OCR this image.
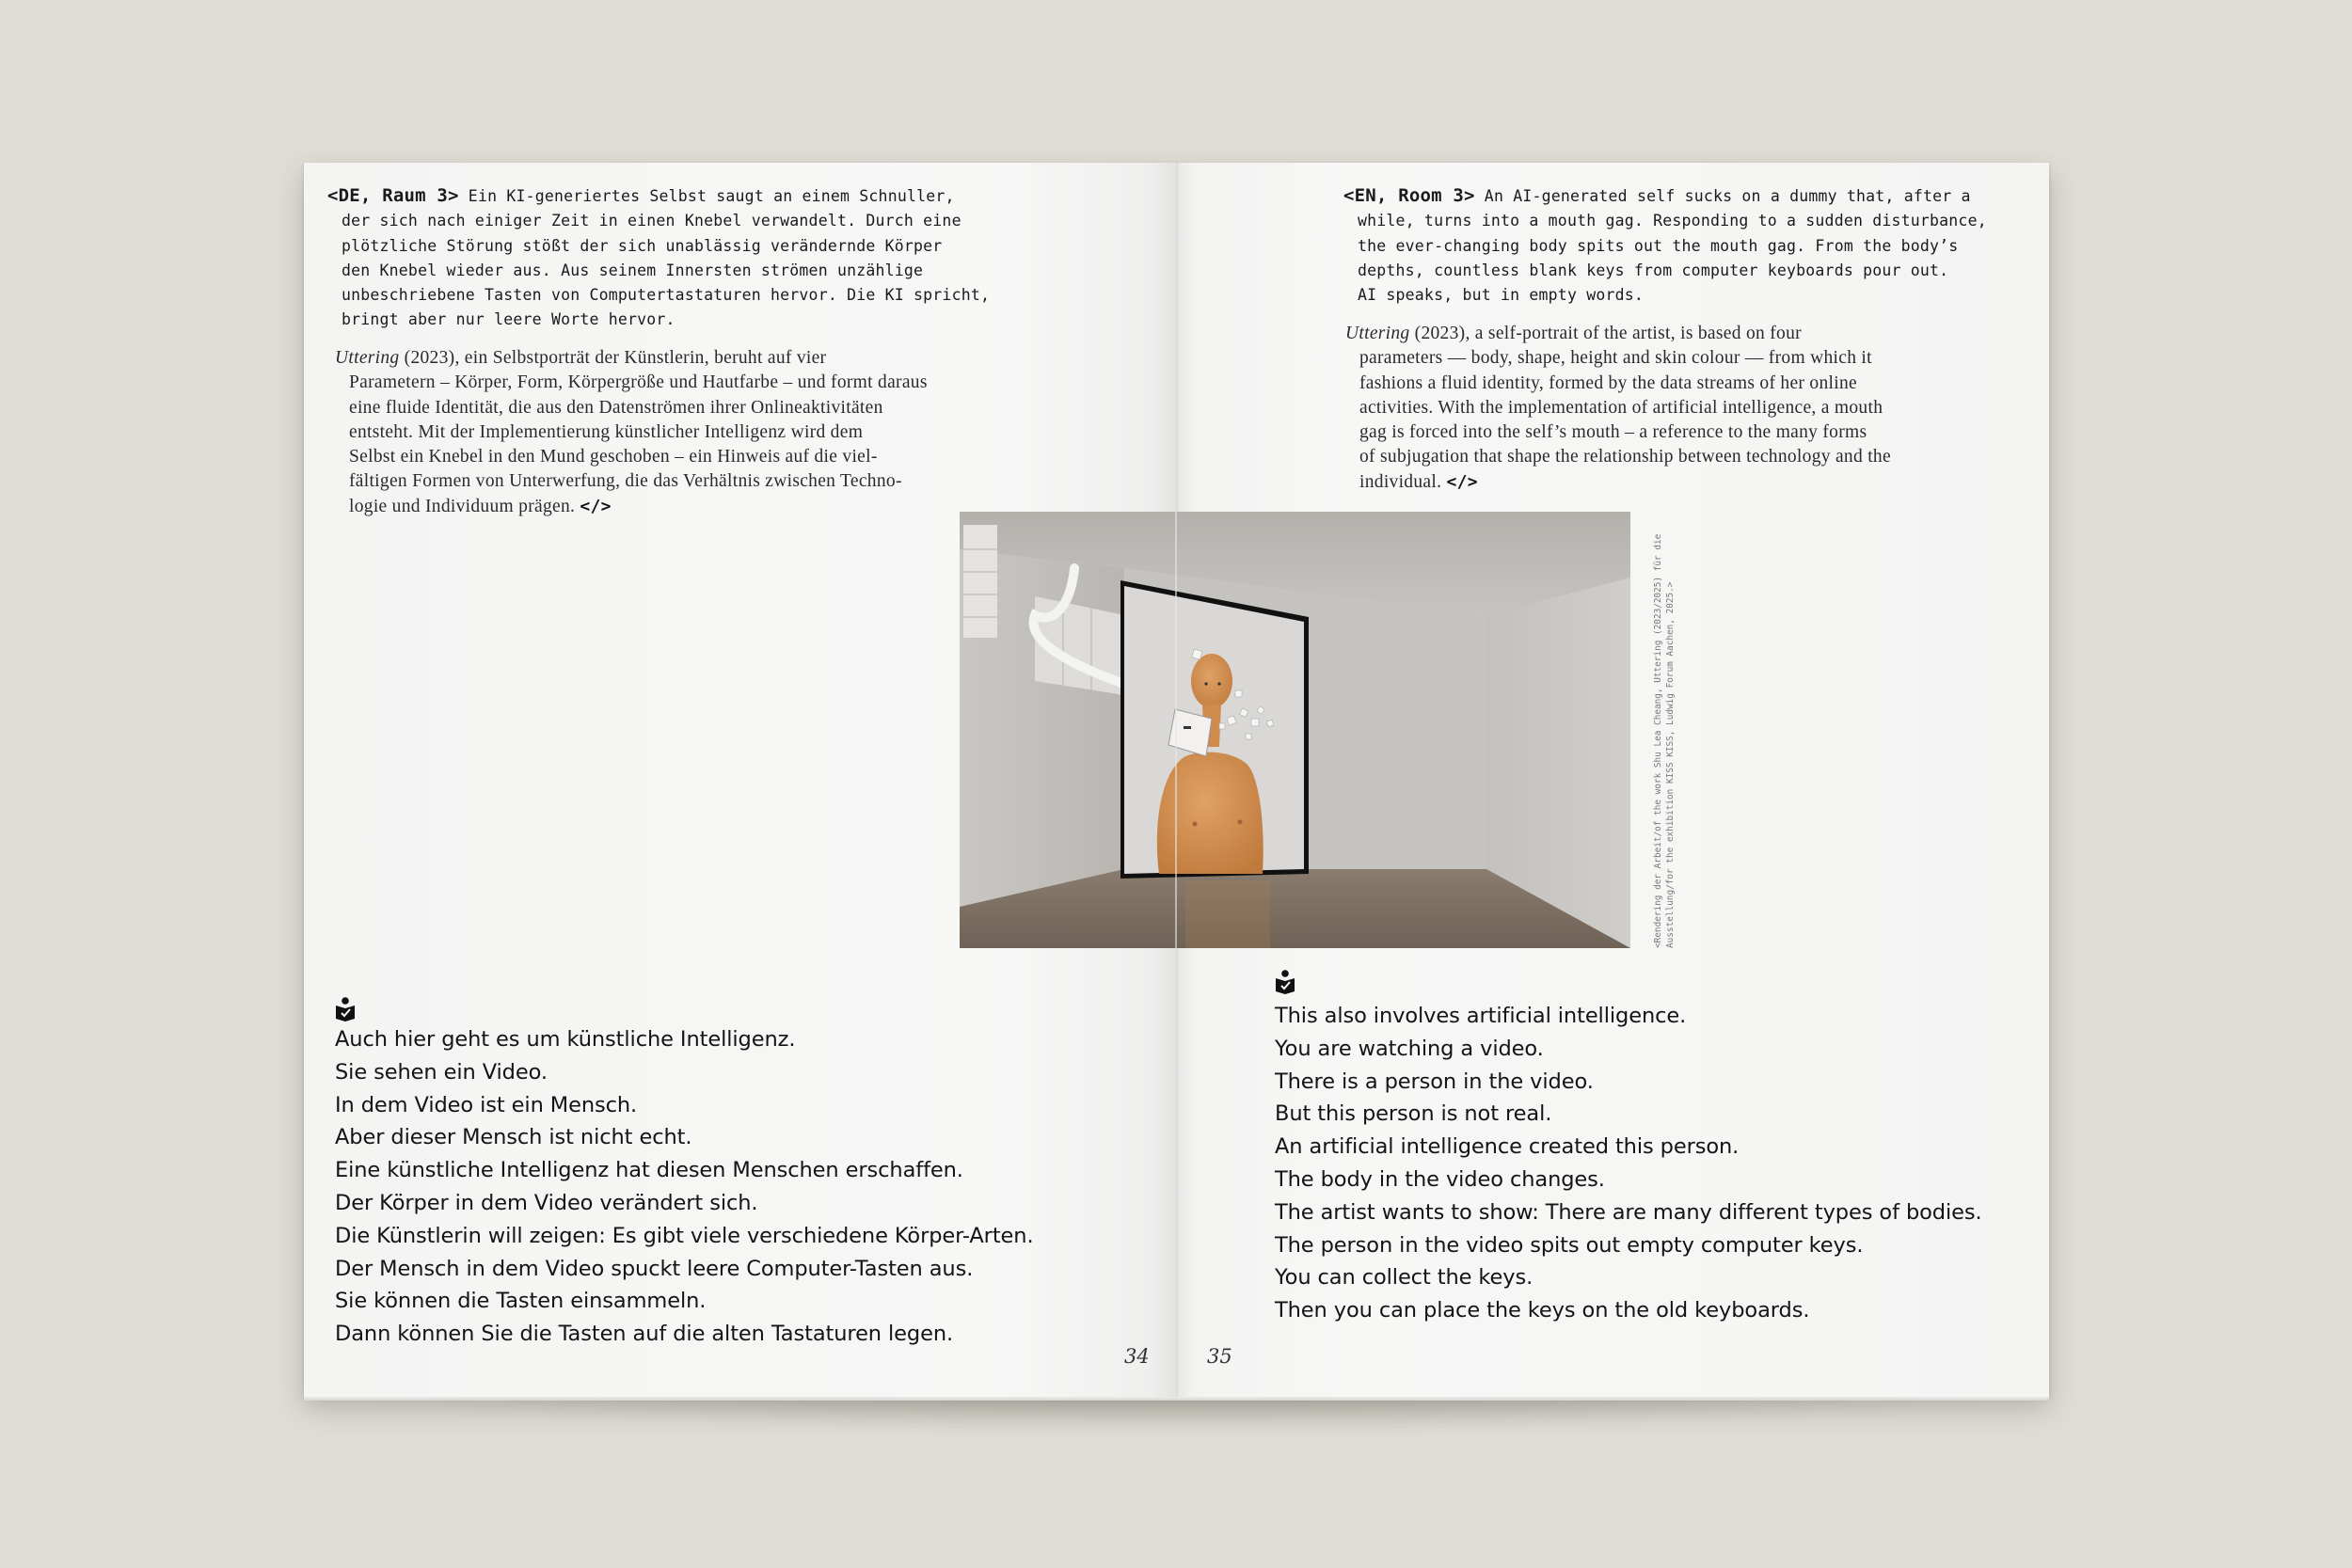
<DE, Raum 3> Ein KI-generiertes Selbst saugt an einem Schnuller,
der sich nach einiger Zeit in einen Knebel verwandelt. Durch eine
plötzliche Störung stößt der sich unablässig verändernde Körper
den Knebel wieder aus. Aus seinem Innersten strömen unzählige
unbeschriebene Tasten von Computertastaturen hervor. Die KI spricht,
bringt aber nur leere Worte hervor.
Uttering (2023), ein Selbstporträt der Künstlerin, beruht auf vier
Parametern – Körper, Form, Körpergröße und Hautfarbe – und formt daraus
eine fluide Identität, die aus den Datenströmen ihrer Onlineaktivitäten
entsteht. Mit der Implementierung künstlicher Intelligenz wird dem
Selbst ein Knebel in den Mund geschoben – ein Hinweis auf die viel-
fältigen Formen von Unterwerfung, die das Verhältnis zwischen Techno-
logie und Individuum prägen. </>
<EN, Room 3> An AI-generated self sucks on a dummy that, after a
while, turns into a mouth gag. Responding to a sudden disturbance,
the ever-changing body spits out the mouth gag. From the body’s
depths, countless blank keys from computer keyboards pour out.
AI speaks, but in empty words.
Uttering (2023), a self-portrait of the artist, is based on four
parameters — body, shape, height and skin colour — from which it
fashions a fluid identity, formed by the data streams of her online
activities. With the implementation of artificial intelligence, a mouth
gag is forced into the self’s mouth – a reference to the many forms
of subjugation that shape the relationship between technology and the
individual. </>
<Rendering der Arbeit/of the work Shu Lea Cheang, Uttering (2023/2025) für die Ausstellung/for the exhibition KISS KISS, Ludwig Forum Aachen, 2025.>
Auch hier geht es um künstliche Intelligenz.
Sie sehen ein Video.
In dem Video ist ein Mensch.
Aber dieser Mensch ist nicht echt.
Eine künstliche Intelligenz hat diesen Menschen erschaffen.
Der Körper in dem Video verändert sich.
Die Künstlerin will zeigen: Es gibt viele verschiedene Körper-Arten.
Der Mensch in dem Video spuckt leere Computer-Tasten aus.
Sie können die Tasten einsammeln.
Dann können Sie die Tasten auf die alten Tastaturen legen.
This also involves artificial intelligence.
You are watching a video.
There is a person in the video.
But this person is not real.
An artificial intelligence created this person.
The body in the video changes.
The artist wants to show: There are many different types of bodies.
The person in the video spits out empty computer keys.
You can collect the keys.
Then you can place the keys on the old keyboards.
34	35
